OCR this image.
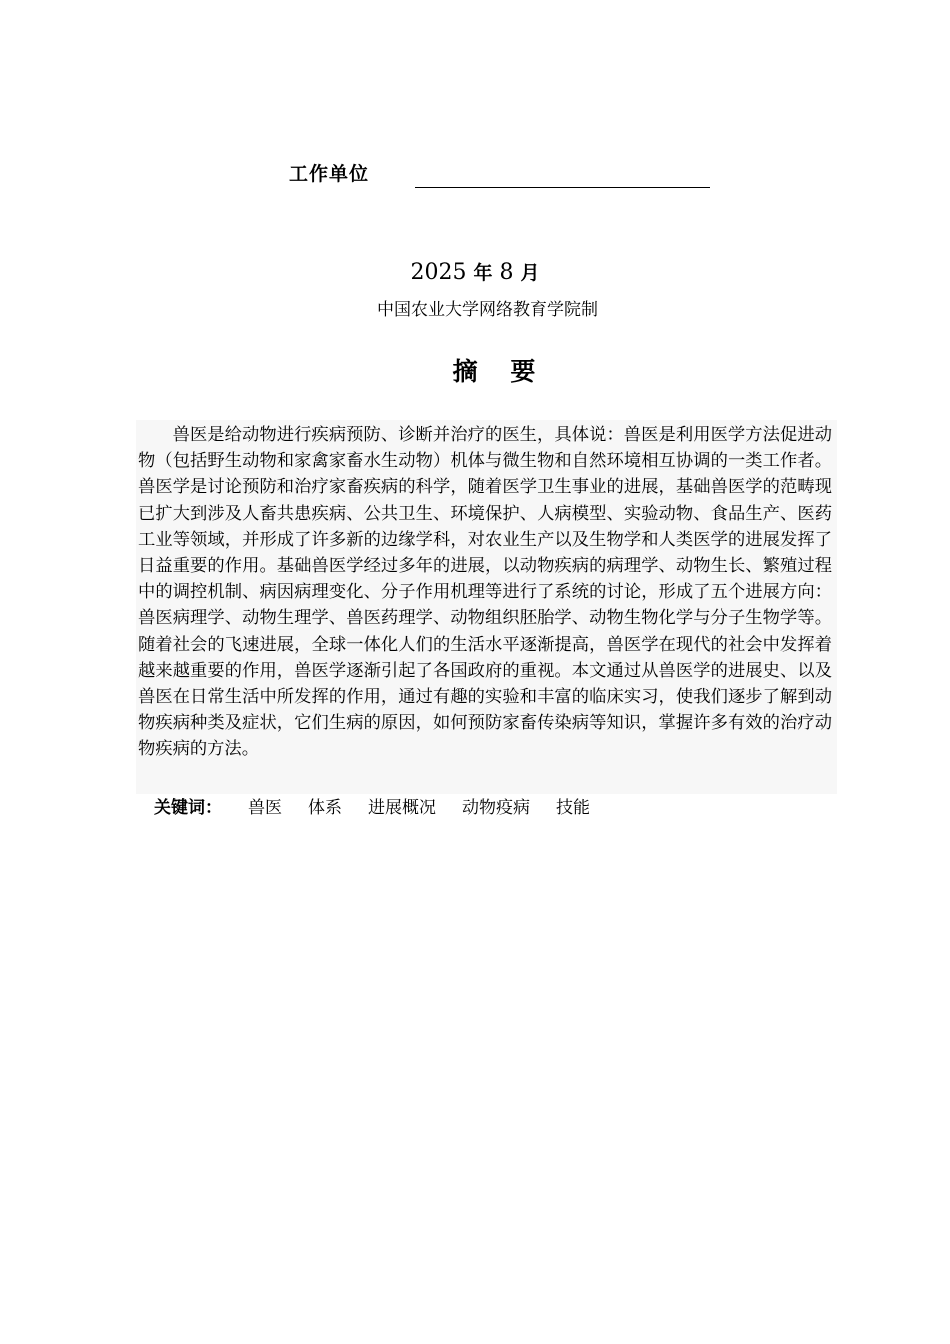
工作单位
2025 年 8 月
中国农业大学网络教育学院制
摘 要

兽医是给动物进行疾病预防、诊断并治疗的医生，具体说：兽医是利用医学方法促进动物（包括野生动物和家禽家畜水生动物）机体与微生物和自然环境相互协调的一类工作者。兽医学是讨论预防和治疗家畜疾病的科学，随着医学卫生事业的进展，基础兽医学的范畴现已扩大到涉及人畜共患疾病、公共卫生、环境保护、人病模型、实验动物、食品生产、医药工业等领域，并形成了许多新的边缘学科，对农业生产以及生物学和人类医学的进展发挥了日益重要的作用。基础兽医学经过多年的进展，以动物疾病的病理学、动物生长、繁殖过程中的调控机制、病因病理变化、分子作用机理等进行了系统的讨论，形成了五个进展方向：兽医病理学、动物生理学、兽医药理学、动物组织胚胎学、动物生物化学与分子生物学等。随着社会的飞速进展，全球一体化人们的生活水平逐渐提高，兽医学在现代的社会中发挥着越来越重要的作用，兽医学逐渐引起了各国政府的重视。本文通过从兽医学的进展史、以及兽医在日常生活中所发挥的作用，通过有趣的实验和丰富的临床实习，使我们逐步了解到动物疾病种类及症状，它们生病的原因，如何预防家畜传染病等知识，掌握许多有效的治疗动物疾病的方法。

关键词： 兽医 体系 进展概况 动物疫病 技能
